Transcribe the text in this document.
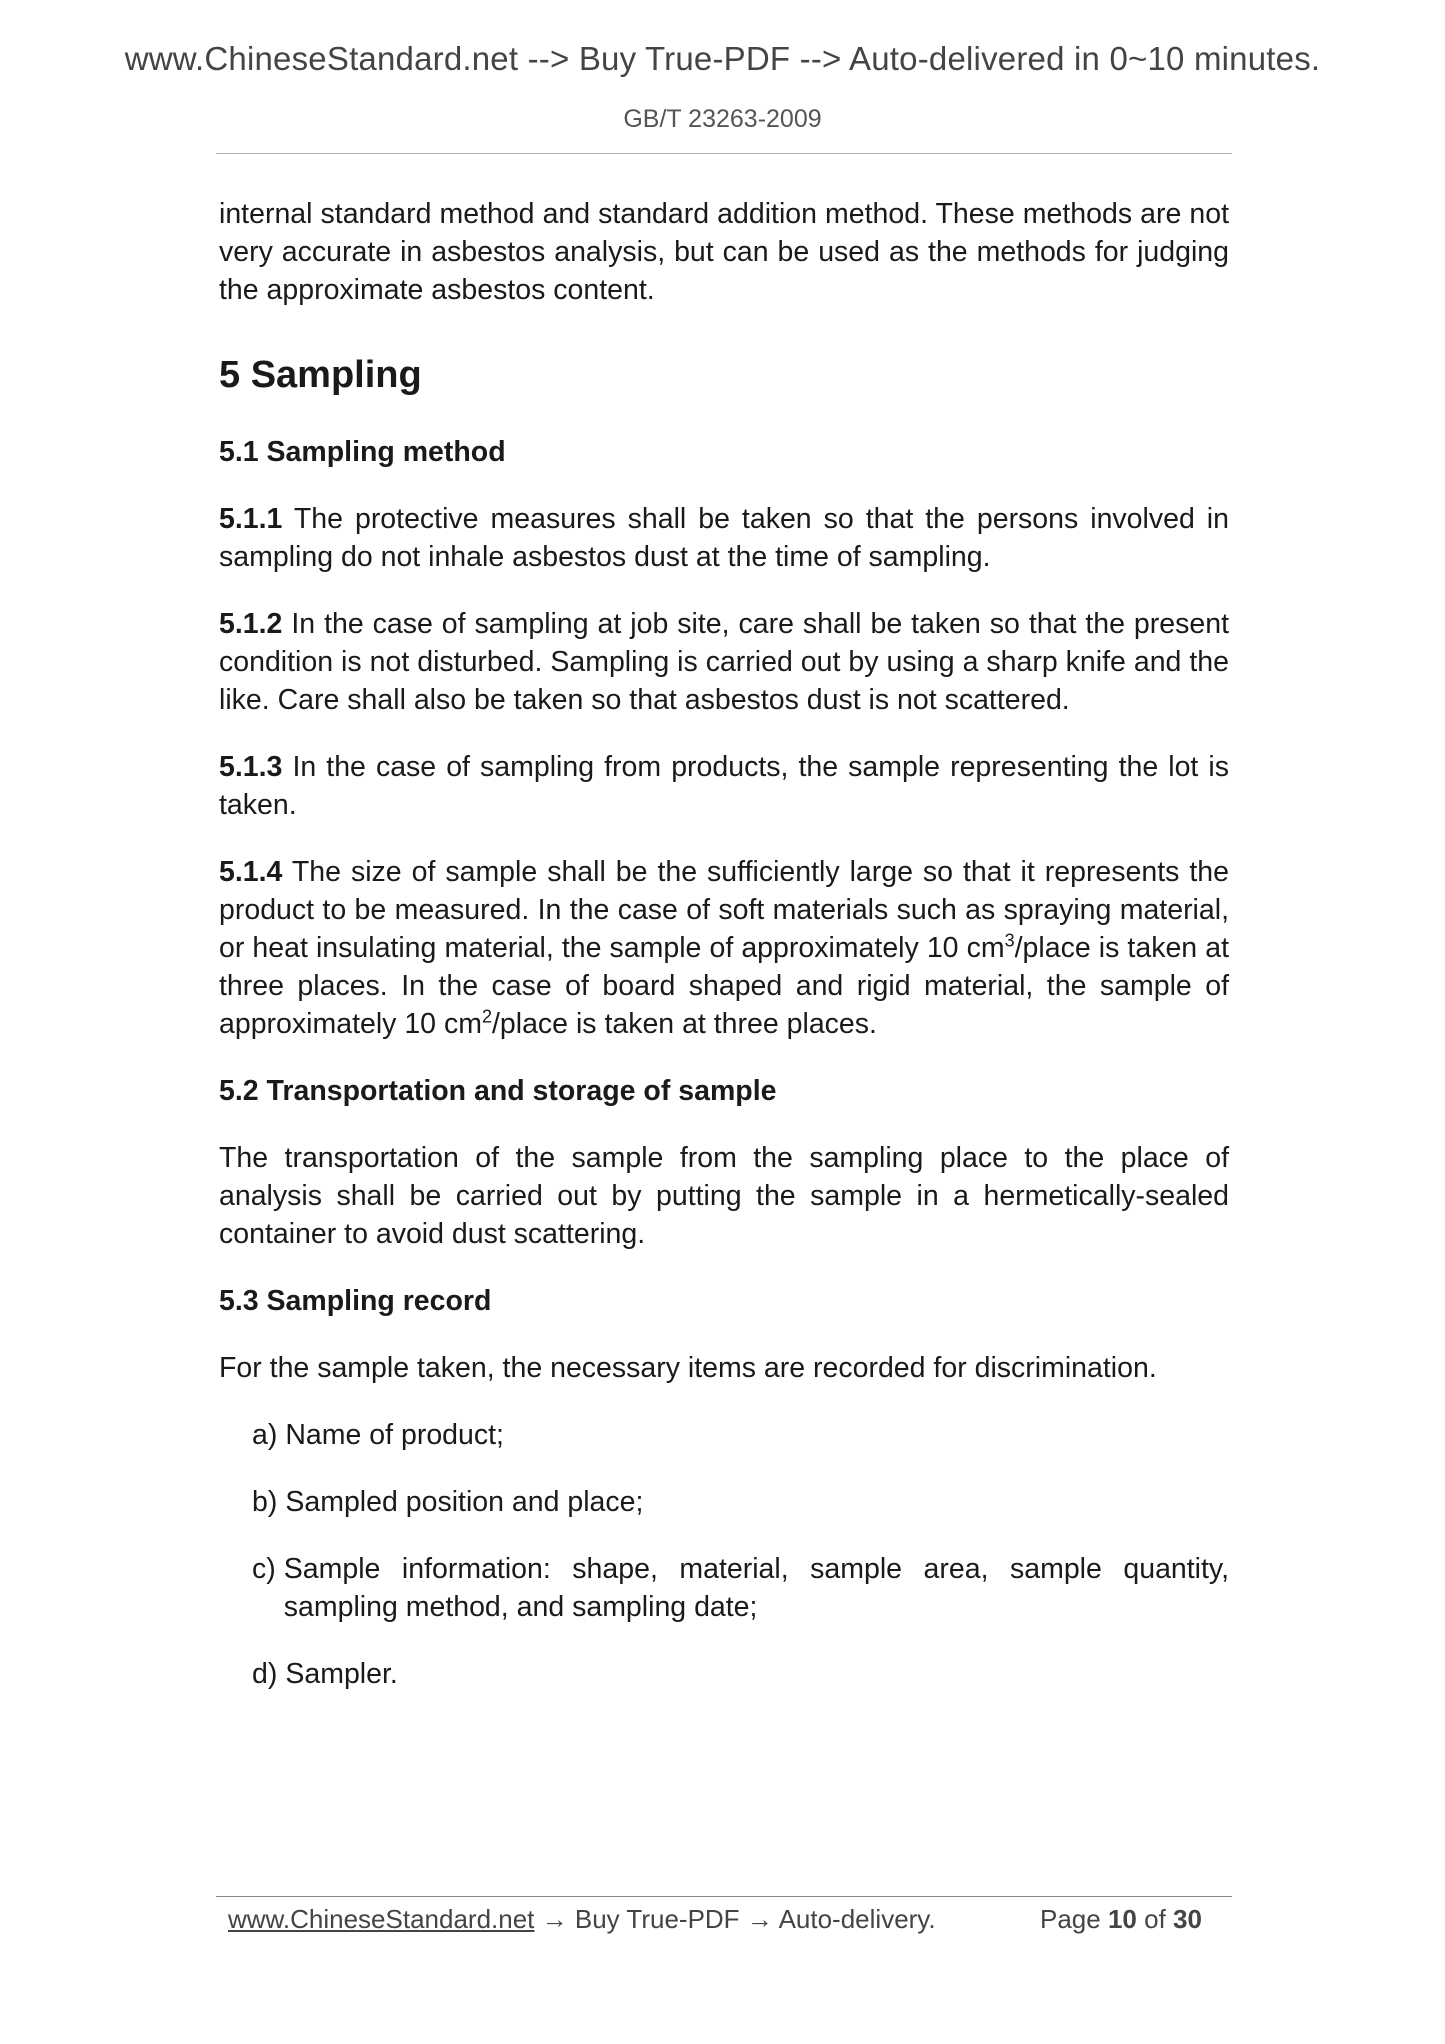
www.ChineseStandard.net --> Buy True-PDF --> Auto-delivered in 0~10 minutes.
GB/T 23263-2009

internal standard method and standard addition method. These methods are not very accurate in asbestos analysis, but can be used as the methods for judging the approximate asbestos content.

5 Sampling
5.1 Sampling method

5.1.1 The protective measures shall be taken so that the persons involved in sampling do not inhale asbestos dust at the time of sampling.

5.1.2 In the case of sampling at job site, care shall be taken so that the present condition is not disturbed. Sampling is carried out by using a sharp knife and the like. Care shall also be taken so that asbestos dust is not scattered.

5.1.3 In the case of sampling from products, the sample representing the lot is taken.

5.1.4 The size of sample shall be the sufficiently large so that it represents the product to be measured. In the case of soft materials such as spraying material, or heat insulating material, the sample of approximately 10 $cm^3$/place is taken at three places. In the case of board shaped and rigid material, the sample of approximately 10 $cm^2$/place is taken at three places.

5.2 Transportation and storage of sample

The transportation of the sample from the sampling place to the place of analysis shall be carried out by putting the sample in a hermetically-sealed container to avoid dust scattering.

5.3 Sampling record

For the sample taken, the necessary items are recorded for discrimination.

a) Name of product;
b) Sampled position and place;
c) Sample information: shape, material, sample area, sample quantity, sampling method, and sampling date;
d) Sampler.
www.ChineseStandard.net → Buy True-PDF → Auto-delivery.	Page 10 of 30
